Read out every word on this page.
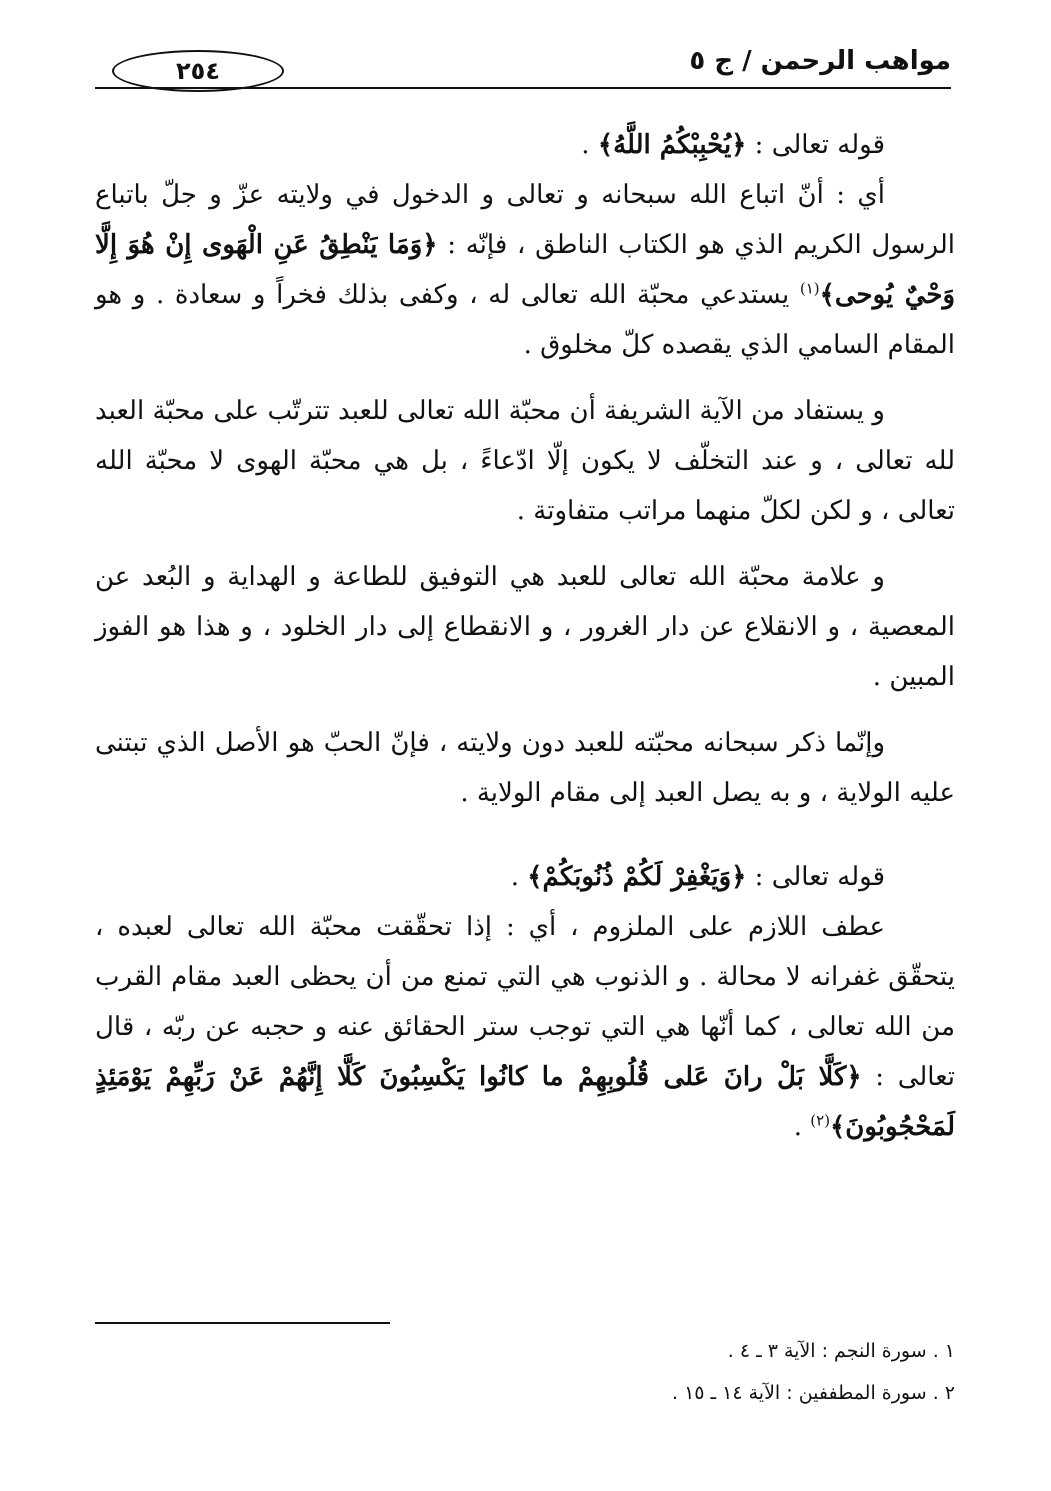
مواهب الرحمن / ج ٥
٢٥٤

قوله تعالى : ﴿يُحْبِبْكُمُ اللَّهُ﴾ .

أي : أنّ اتباع الله سبحانه و تعالى و الدخول في ولايته عزّ و جلّ باتباع الرسول الكريم الذي هو الكتاب الناطق ، فإنّه : ﴿وَمَا يَنْطِقُ عَنِ الْهَوى إِنْ هُوَ إِلَّا وَحْيٌ يُوحى﴾$^{(١)}$ يستدعي محبّة الله تعالى له ، وكفى بذلك فخراً و سعادة . و هو المقام السامي الذي يقصده كلّ مخلوق .

و يستفاد من الآية الشريفة أن محبّة الله تعالى للعبد تترتّب على محبّة العبد لله تعالى ، و عند التخلّف لا يكون إلّا ادّعاءً ، بل هي محبّة الهوى لا محبّة الله تعالى ، و لكن لكلّ منهما مراتب متفاوتة .

و علامة محبّة الله تعالى للعبد هي التوفيق للطاعة و الهداية و البُعد عن المعصية ، و الانقلاع عن دار الغرور ، و الانقطاع إلى دار الخلود ، و هذا هو الفوز المبين .

وإنّما ذكر سبحانه محبّته للعبد دون ولايته ، فإنّ الحبّ هو الأصل الذي تبتنى عليه الولاية ، و به يصل العبد إلى مقام الولاية .

قوله تعالى : ﴿وَيَغْفِرْ لَكُمْ ذُنُوبَكُمْ﴾ .

عطف اللازم على الملزوم ، أي : إذا تحقّقت محبّة الله تعالى لعبده ، يتحقّق غفرانه لا محالة . و الذنوب هي التي تمنع من أن يحظى العبد مقام القرب من الله تعالى ، كما أنّها هي التي توجب ستر الحقائق عنه و حجبه عن ربّه ، قال تعالى : ﴿كَلَّا بَلْ رانَ عَلى قُلُوبِهِمْ ما كانُوا يَكْسِبُونَ كَلَّا إِنَّهُمْ عَنْ رَبِّهِمْ يَوْمَئِذٍ لَمَحْجُوبُونَ﴾$^{(٢)}$ .

١ . سورة النجم : الآية ٣ ـ ٤ .
٢ . سورة المطففين : الآية ١٤ ـ ١٥ .
